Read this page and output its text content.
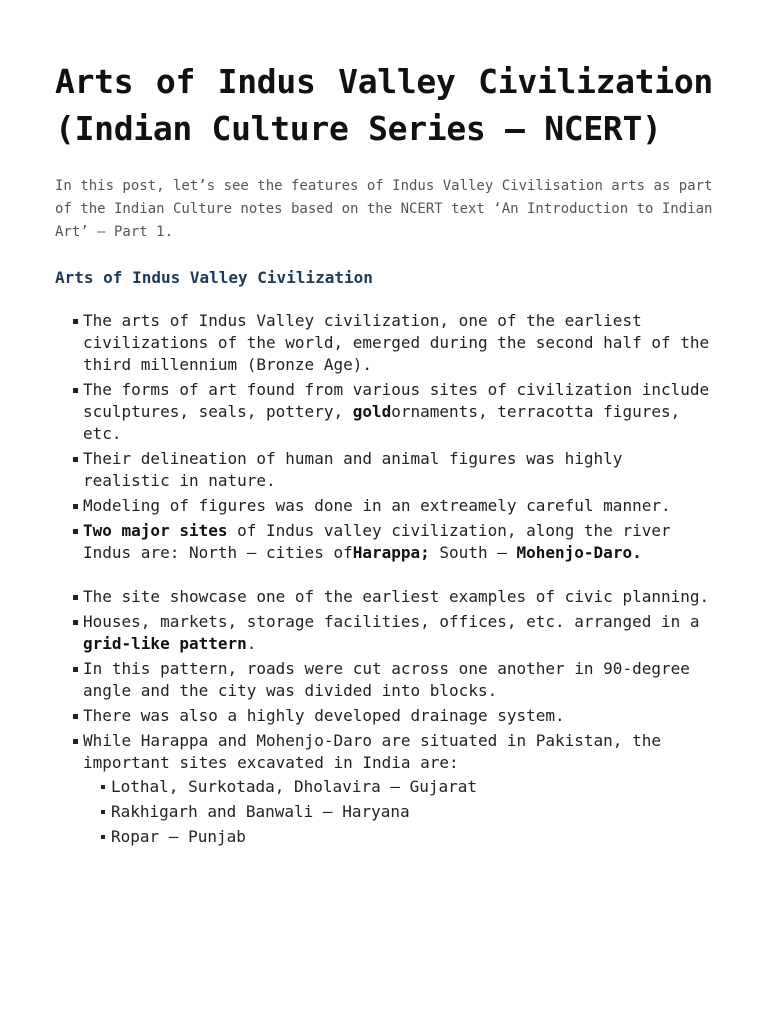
Arts of Indus Valley Civilization (Indian Culture Series – NCERT)

In this post, let’s see the features of Indus Valley Civilisation arts as part of the Indian Culture notes based on the NCERT text ‘An Introduction to Indian Art’ – Part 1.

Arts of Indus Valley Civilization
The arts of Indus Valley civilization, one of the earliest civilizations of the world, emerged during the second half of the third millennium (Bronze Age).
The forms of art found from various sites of civilization include sculptures, seals, pottery, goldornaments, terracotta figures, etc.
Their delineation of human and animal figures was highly realistic in nature.
Modeling of figures was done in an extreamely careful manner.
Two major sites of Indus valley civilization, along the river Indus are: North – cities ofHarappa; South – Mohenjo-Daro.
The site showcase one of the earliest examples of civic planning.
Houses, markets, storage facilities, offices, etc. arranged in a grid-like pattern.
In this pattern, roads were cut across one another in 90-degree angle and the city was divided into blocks.
There was also a highly developed drainage system.
While Harappa and Mohenjo-Daro are situated in Pakistan, the important sites excavated in India are:
Lothal, Surkotada, Dholavira – Gujarat
Rakhigarh and Banwali – Haryana
Ropar – Punjab
